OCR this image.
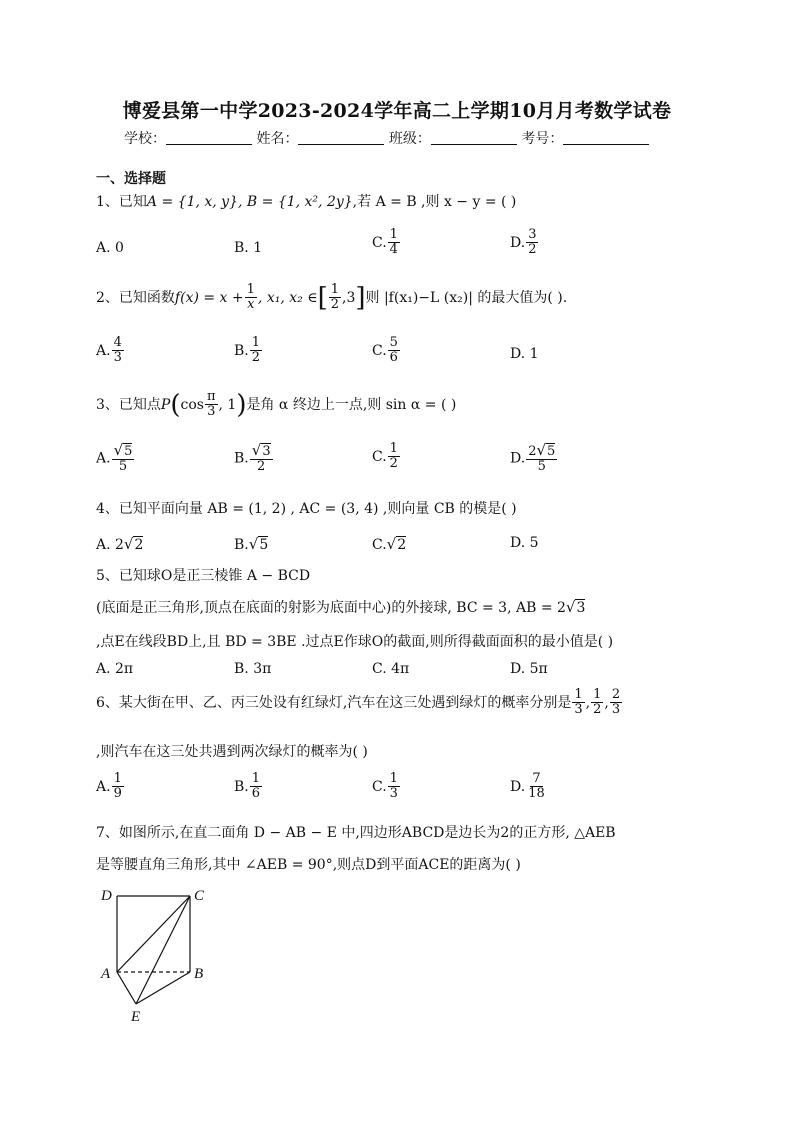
博爱县第一中学2023-2024学年高二上学期10月月考数学试卷
学校：	姓名：	班级：	考号：
一、选择题
1、已知A = {1, x, y}, B = {1, x², 2y},若 A = B ,则 x − y = ( )
A. 0	B. 1	C. $\frac{1}{4}$	D. $\frac{3}{2}$
2、已知函数$f(x) = x + \frac{1}{x}$ , x₁, x₂ ∈[ $\frac{1}{2} ,3$]则 |f(x₁)−L (x₂)| 的最大值为( ).
A. $\frac{4}{3}$	B. $\frac{1}{2}$	C. $\frac{5}{6}$	D. 1
3、已知点$P(\cos \frac{\pi}{3}$ , 1)是角 α 终边上一点,则 sin α = ( )
A. $\frac{√5}{5}$	B. $\frac{√3}{2}$	C. $\frac{1}{2}$	D. $\frac{2√5}{5}$
4、已知平面向量 AB = (1, 2) , AC = (3, 4) ,则向量 CB 的模是( )
A. 2√2	B.√5	C.√2	D. 5
5、已知球O是正三棱锥 A − BCD
(底面是正三角形,顶点在底面的射影为底面中心)的外接球, BC = 3, AB = 2√3
,点E在线段BD上,且 BD = 3BE .过点E作球O的截面,则所得截面面积的最小值是( )
A. 2π	B. 3π	C. 4π	D. 5π
6、某大街在甲、乙、丙三处设有红绿灯,汽车在这三处遇到绿灯的概率分别是 $\frac{1}{3}$ , $\frac{1}{2}$ , $\frac{2}{3}$
,则汽车在这三处共遇到两次绿灯的概率为( )
A. $\frac{1}{9}$	B. $\frac{1}{6}$	C. $\frac{1}{3}$	D. $\frac{7}{18}$
7、如图所示,在直二面角 D − AB − E 中,四边形ABCD是边长为2的正方形, △AEB
是等腰直角三角形,其中 ∠AEB = 90°,则点D到平面ACE的距离为( )
D	C
A	B
E
